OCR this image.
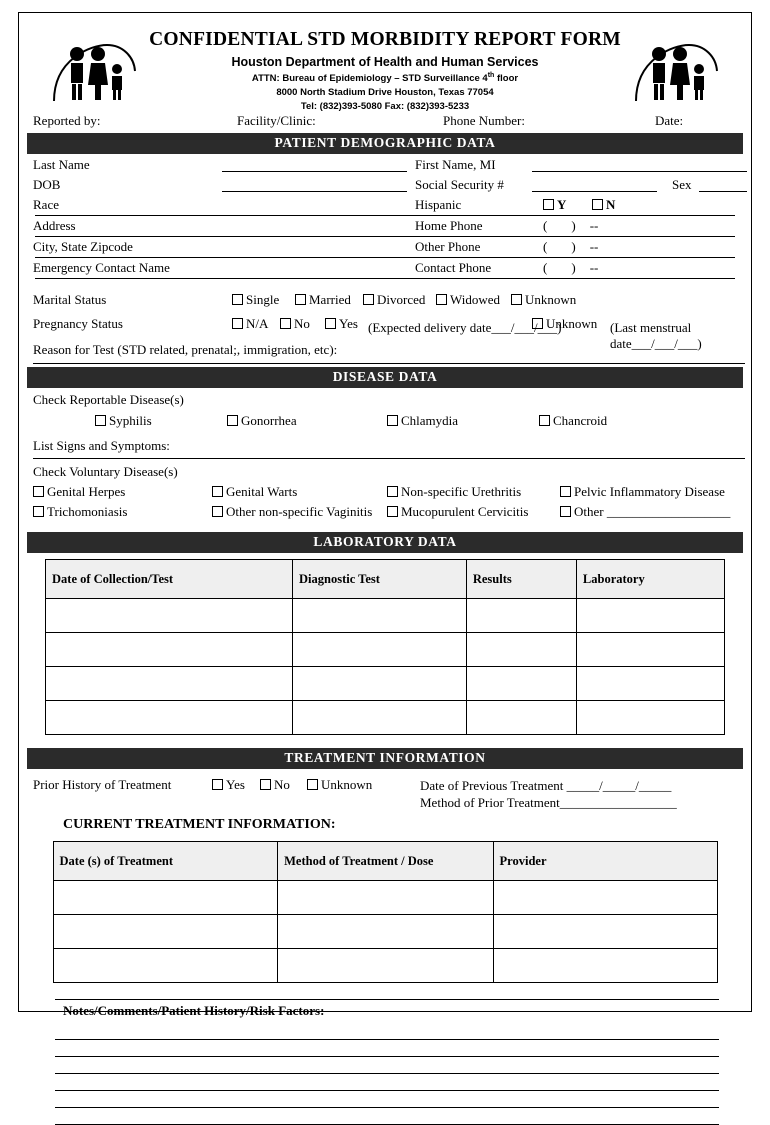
CONFIDENTIAL STD MORBIDITY REPORT FORM
Houston Department of Health and Human Services
ATTN: Bureau of Epidemiology – STD Surveillance 4th floor
8000 North Stadium Drive Houston, Texas 77054
Tel: (832)393-5080 Fax: (832)393-5233
Reported by:	Facility/Clinic:	Phone Number:	Date:
PATIENT DEMOGRAPHIC DATA
Last Name	First Name, MI
DOB	Social Security #	Sex
Race	Hispanic	Y	N
Address	Home Phone	( ) --
City, State Zipcode	Other Phone	( ) --
Emergency Contact Name	Contact Phone	( ) --
Marital Status	Single	Married	Divorced	Widowed	Unknown
Pregnancy Status	N/A	No	Yes (Expected delivery date___/___/___)
Unknown (Last menstrual date___/___/___)
Reason for Test (STD related, prenatal;, immigration, etc):
DISEASE DATA
Check Reportable Disease(s)
Syphilis	Gonorrhea	Chlamydia	Chancroid
List Signs and Symptoms:
Check Voluntary Disease(s)
Genital Herpes	Genital Warts	Non-specific Urethritis	Pelvic Inflammatory Disease
Trichomoniasis	Other non-specific Vaginitis	Mucopurulent Cervicitis	Other ___________________
LABORATORY DATA
Date of Collection/Test	Diagnostic Test	Results	Laboratory

TREATMENT INFORMATION
Prior History of Treatment	Yes	No	Unknown	Date of Previous Treatment _____/_____/_____
Method of Prior Treatment__________________
CURRENT TREATMENT INFORMATION:
Date (s) of Treatment	Method of Treatment / Dose	Provider

Notes/Comments/Patient History/Risk Factors:
